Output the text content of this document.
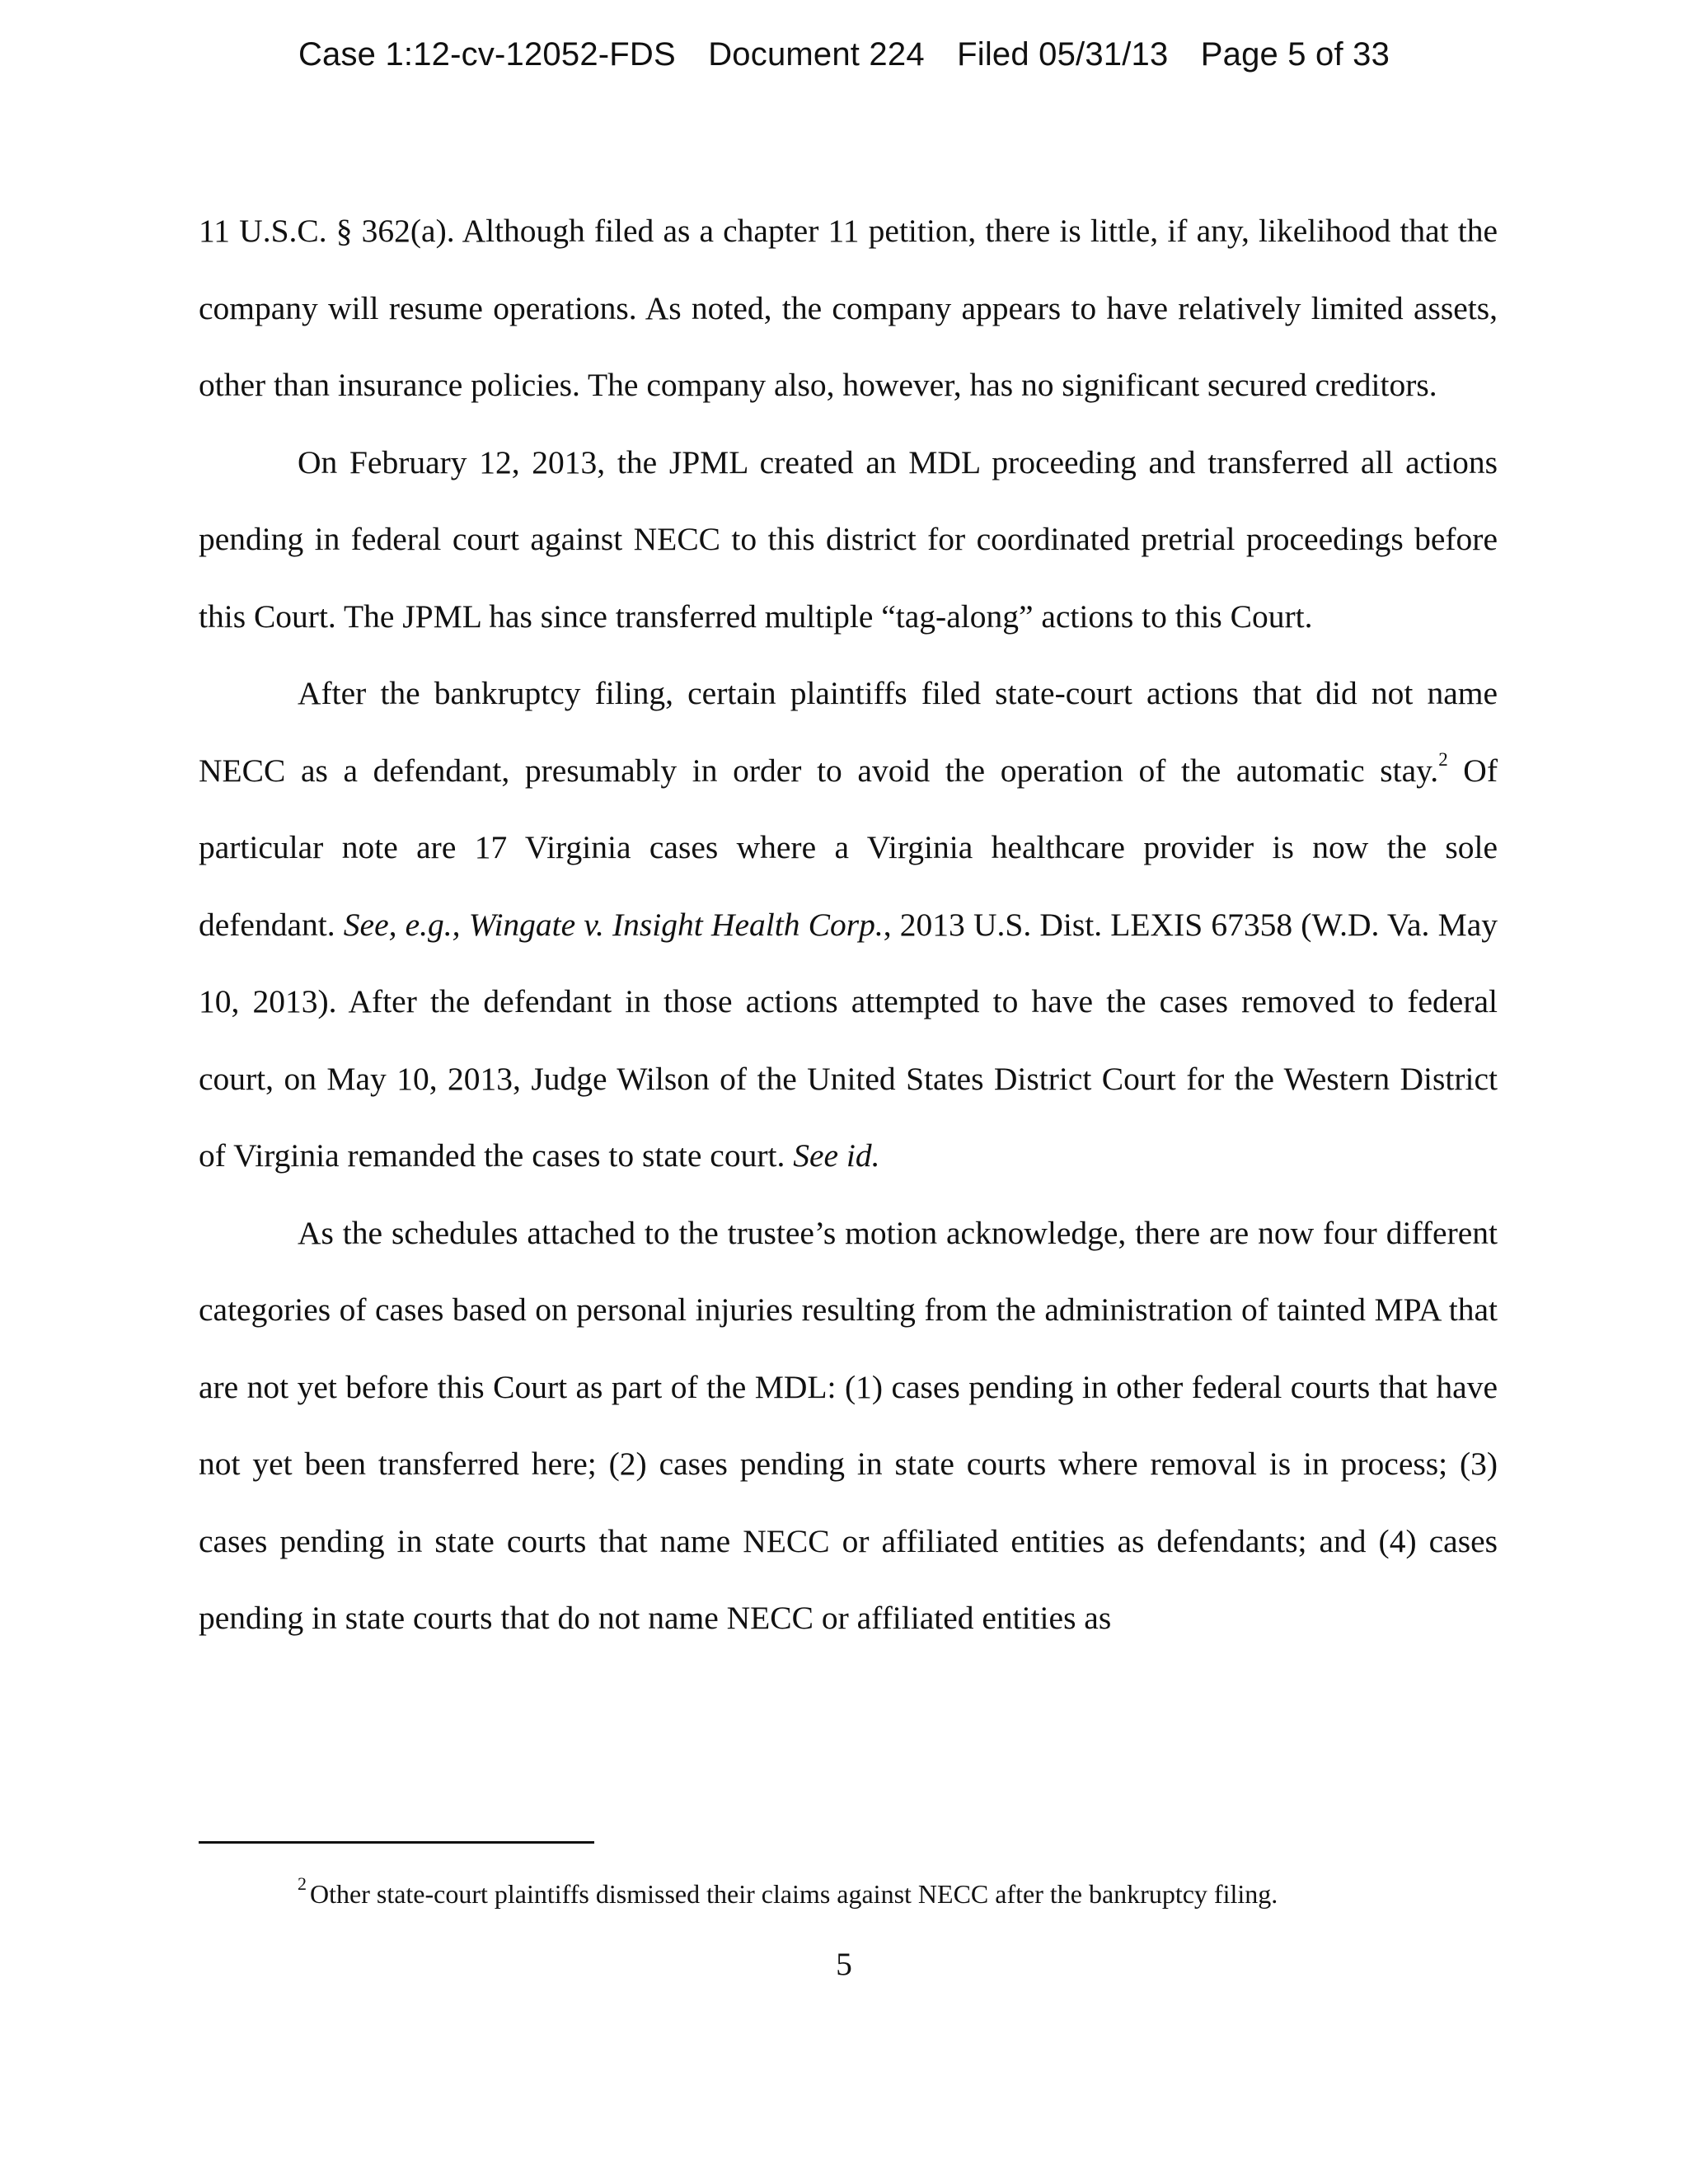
Case 1:12-cv-12052-FDS Document 224 Filed 05/31/13 Page 5 of 33

11 U.S.C. § 362(a). Although filed as a chapter 11 petition, there is little, if any, likelihood that the company will resume operations. As noted, the company appears to have relatively limited assets, other than insurance policies. The company also, however, has no significant secured creditors.

On February 12, 2013, the JPML created an MDL proceeding and transferred all actions pending in federal court against NECC to this district for coordinated pretrial proceedings before this Court. The JPML has since transferred multiple “tag-along” actions to this Court.

After the bankruptcy filing, certain plaintiffs filed state-court actions that did not name NECC as a defendant, presumably in order to avoid the operation of the automatic stay.$^2$ Of particular note are 17 Virginia cases where a Virginia healthcare provider is now the sole defendant. See, e.g., Wingate v. Insight Health Corp., 2013 U.S. Dist. LEXIS 67358 (W.D. Va. May 10, 2013). After the defendant in those actions attempted to have the cases removed to federal court, on May 10, 2013, Judge Wilson of the United States District Court for the Western District of Virginia remanded the cases to state court. See id.

As the schedules attached to the trustee’s motion acknowledge, there are now four different categories of cases based on personal injuries resulting from the administration of tainted MPA that are not yet before this Court as part of the MDL: (1) cases pending in other federal courts that have not yet been transferred here; (2) cases pending in state courts where removal is in process; (3) cases pending in state courts that name NECC or affiliated entities as defendants; and (4) cases pending in state courts that do not name NECC or affiliated entities as

$^2$ Other state-court plaintiffs dismissed their claims against NECC after the bankruptcy filing.
5
